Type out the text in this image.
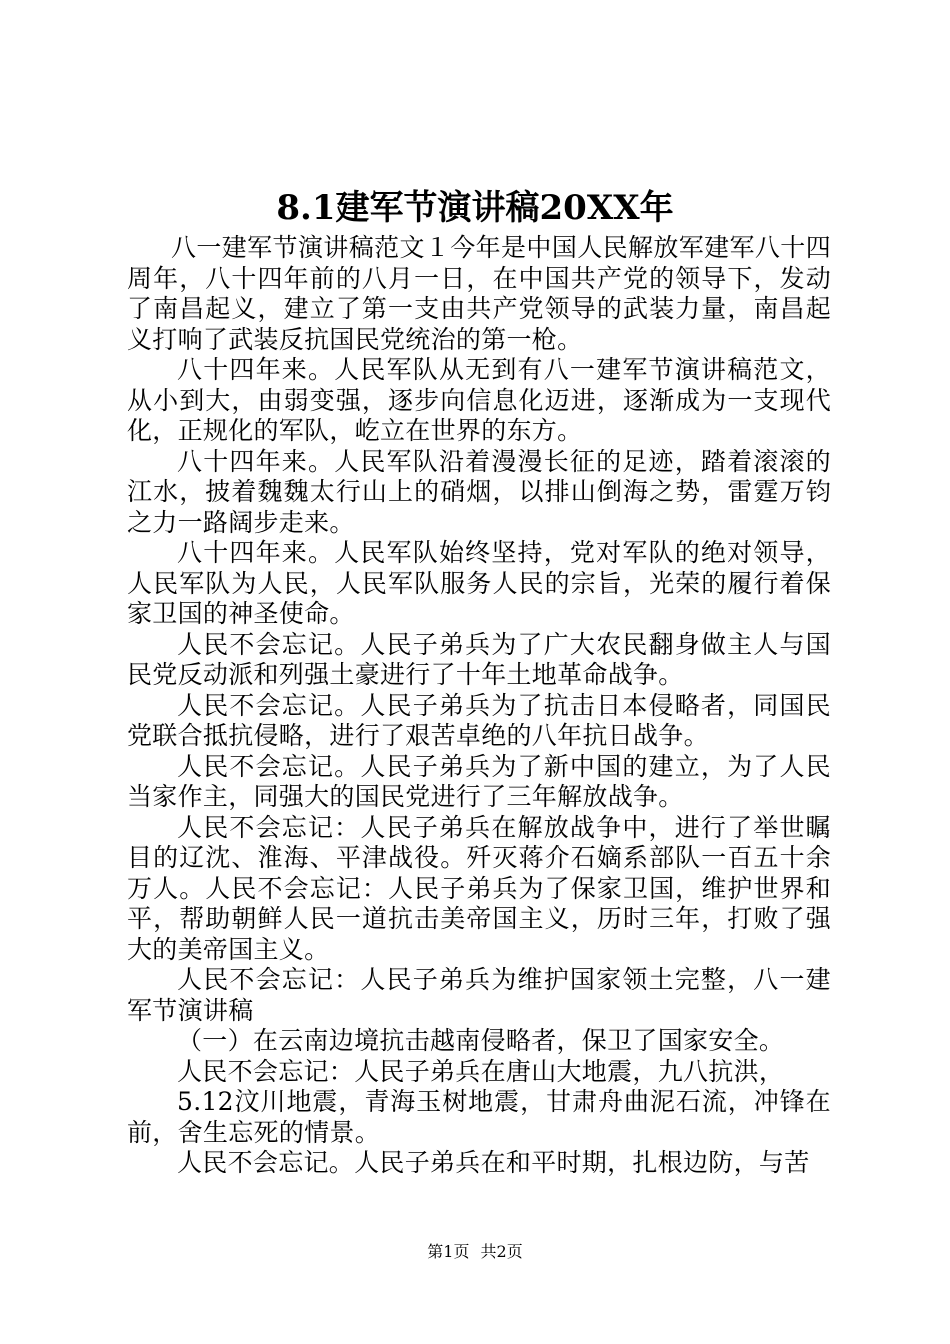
8.1建军节演讲稿20XX年

八一建军节演讲稿范文１今年是中国人民解放军建军八十四周年，八十四年前的八月一日，在中国共产党的领导下，发动了南昌起义，建立了第一支由共产党领导的武装力量，南昌起义打响了武装反抗国民党统治的第一枪。

八十四年来。人民军队从无到有八一建军节演讲稿范文，从小到大，由弱变强，逐步向信息化迈进，逐渐成为一支现代化，正规化的军队，屹立在世界的东方。

八十四年来。人民军队沿着漫漫长征的足迹，踏着滚滚的江水，披着魏魏太行山上的硝烟，以排山倒海之势，雷霆万钧之力一路阔步走来。

八十四年来。人民军队始终坚持，党对军队的绝对领导，人民军队为人民，人民军队服务人民的宗旨，光荣的履行着保家卫国的神圣使命。

人民不会忘记。人民子弟兵为了广大农民翻身做主人与国民党反动派和列强土豪进行了十年土地革命战争。

人民不会忘记。人民子弟兵为了抗击日本侵略者，同国民党联合抵抗侵略，进行了艰苦卓绝的八年抗日战争。

人民不会忘记。人民子弟兵为了新中国的建立，为了人民当家作主，同强大的国民党进行了三年解放战争。

人民不会忘记：人民子弟兵在解放战争中，进行了举世瞩目的辽沈、淮海、平津战役。歼灭蒋介石嫡系部队一百五十余万人。人民不会忘记：人民子弟兵为了保家卫国，维护世界和平，帮助朝鲜人民一道抗击美帝国主义，历时三年，打败了强大的美帝国主义。

人民不会忘记：人民子弟兵为维护国家领土完整，八一建军节演讲稿

（一）在云南边境抗击越南侵略者，保卫了国家安全。

人民不会忘记：人民子弟兵在唐山大地震，九八抗洪，

5.12汶川地震，青海玉树地震，甘肃舟曲泥石流，冲锋在前，舍生忘死的情景。

人民不会忘记。人民子弟兵在和平时期，扎根边防，与苦

第1页 共2页
